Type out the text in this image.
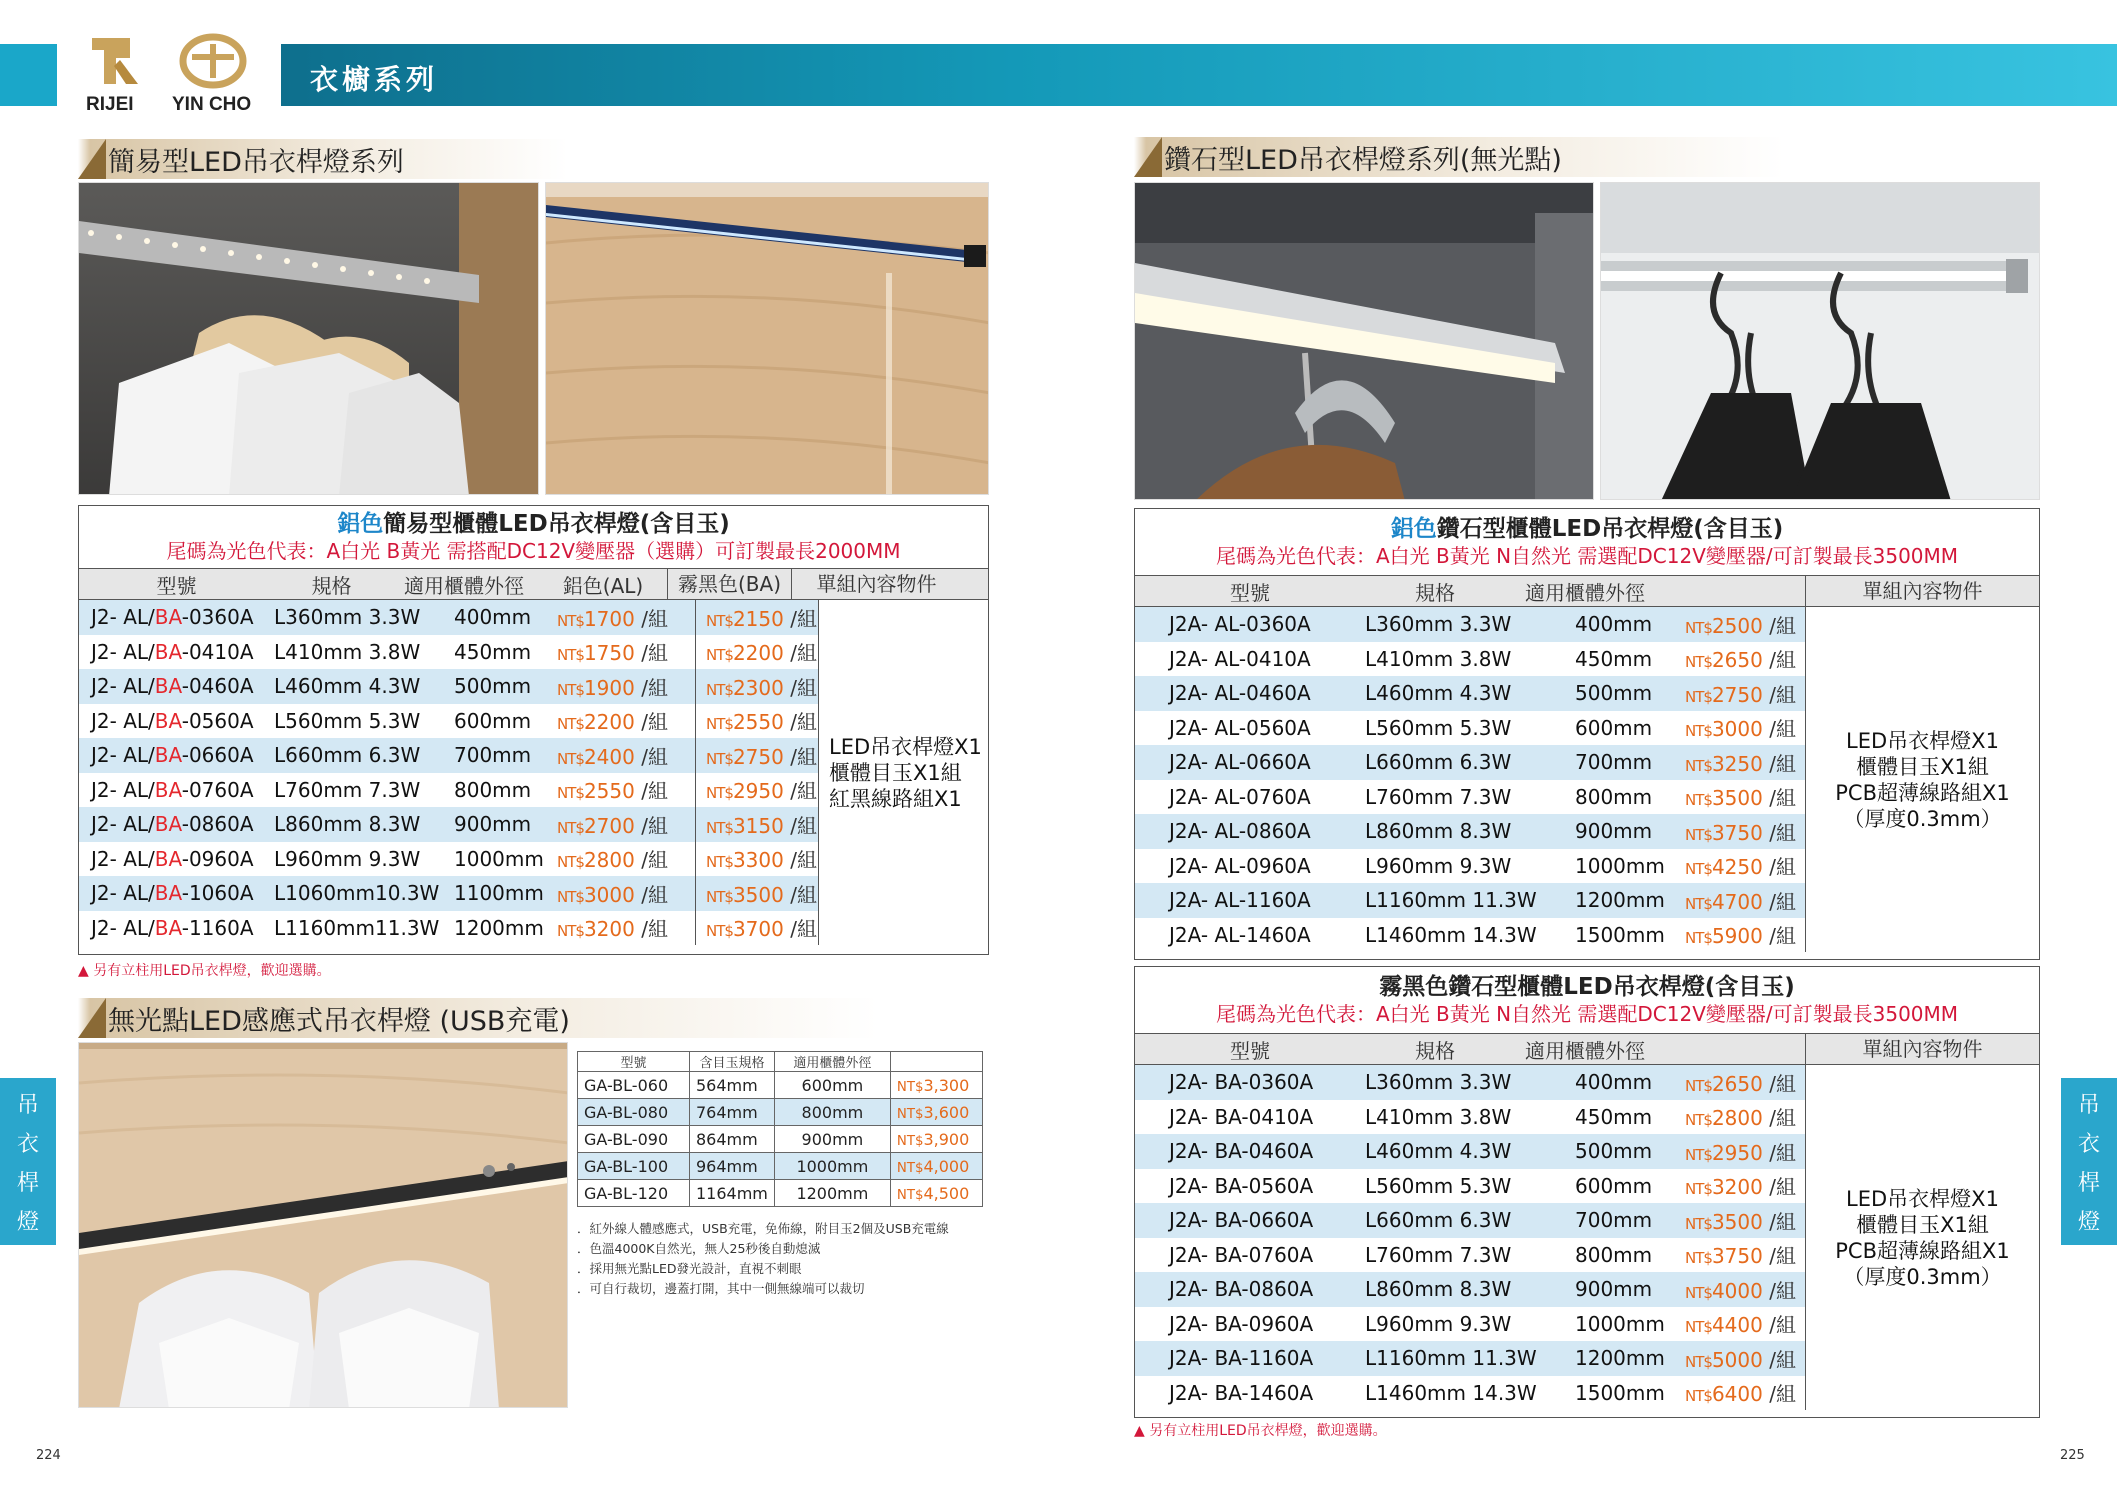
衣櫥系列
RIJEI YIN CHO
簡易型LED吊衣桿燈系列
鋁色簡易型櫃體LED吊衣桿燈(含目玉)
尾碼為光色代表：A白光 B黃光 需搭配DC12V變壓器（選購）可訂製最長2000MM
型號	規格	適用櫃體外徑	鋁色(AL)	霧黑色(BA)	單組內容物件
J2- AL/BA-0360A	L360mm 3.3W	400mm	NT$1700 /組	NT$2150 /組
J2- AL/BA-0410A	L410mm 3.8W	450mm	NT$1750 /組	NT$2200 /組
J2- AL/BA-0460A	L460mm 4.3W	500mm	NT$1900 /組	NT$2300 /組
J2- AL/BA-0560A	L560mm 5.3W	600mm	NT$2200 /組	NT$2550 /組
J2- AL/BA-0660A	L660mm 6.3W	700mm	NT$2400 /組	NT$2750 /組
J2- AL/BA-0760A	L760mm 7.3W	800mm	NT$2550 /組	NT$2950 /組
J2- AL/BA-0860A	L860mm 8.3W	900mm	NT$2700 /組	NT$3150 /組
J2- AL/BA-0960A	L960mm 9.3W	1000mm NT$2800 /組	NT$3300 /組
J2- AL/BA-1060A	L1060mm10.3W 1100mm NT$3000 /組	NT$3500 /組
J2- AL/BA-1160A	L1160mm11.3W 1200mm NT$3200 /組	NT$3700 /組
LED吊衣桿燈X1
櫃體目玉X1組
紅黑線路組X1
▲ 另有立柱用LED吊衣桿燈，歡迎選購。
無光點LED感應式吊衣桿燈 (USB充電)
型號	含目玉規格	適用櫃體外徑	
GA-BL-060	564mm	600mm	NT$3,300
GA-BL-080	764mm	800mm	NT$3,600
GA-BL-090	864mm	900mm	NT$3,900
GA-BL-100	964mm	1000mm	NT$4,000
GA-BL-120	1164mm	1200mm	NT$4,500
．紅外線人體感應式，USB充電，免佈線，附目玉2個及USB充電線
．色溫4000K自然光，無人25秒後自動熄滅
．採用無光點LED發光設計，直視不刺眼
．可自行裁切，邊蓋打開，其中一側無線端可以裁切
鑽石型LED吊衣桿燈系列(無光點)
鋁色鑽石型櫃體LED吊衣桿燈(含目玉)
尾碼為光色代表：A白光 B黃光 N自然光 需選配DC12V變壓器/可訂製最長3500MM
型號	規格	適用櫃體外徑	單組內容物件
J2A- AL-0360A	L360mm 3.3W	400mm	NT$2500 /組
J2A- AL-0410A	L410mm 3.8W	450mm	NT$2650 /組
J2A- AL-0460A	L460mm 4.3W	500mm	NT$2750 /組
J2A- AL-0560A	L560mm 5.3W	600mm	NT$3000 /組
J2A- AL-0660A	L660mm 6.3W	700mm	NT$3250 /組
J2A- AL-0760A	L760mm 7.3W	800mm	NT$3500 /組
J2A- AL-0860A	L860mm 8.3W	900mm	NT$3750 /組
J2A- AL-0960A	L960mm 9.3W	1000mm	NT$4250 /組
J2A- AL-1160A	L1160mm 11.3W	1200mm	NT$4700 /組
J2A- AL-1460A	L1460mm 14.3W	1500mm	NT$5900 /組
LED吊衣桿燈X1
櫃體目玉X1組
PCB超薄線路組X1
（厚度0.3mm）
霧黑色鑽石型櫃體LED吊衣桿燈(含目玉)
尾碼為光色代表：A白光 B黃光 N自然光 需選配DC12V變壓器/可訂製最長3500MM
型號	規格	適用櫃體外徑	單組內容物件
J2A- BA-0360A	L360mm 3.3W	400mm	NT$2650 /組
J2A- BA-0410A	L410mm 3.8W	450mm	NT$2800 /組
J2A- BA-0460A	L460mm 4.3W	500mm	NT$2950 /組
J2A- BA-0560A	L560mm 5.3W	600mm	NT$3200 /組
J2A- BA-0660A	L660mm 6.3W	700mm	NT$3500 /組
J2A- BA-0760A	L760mm 7.3W	800mm	NT$3750 /組
J2A- BA-0860A	L860mm 8.3W	900mm	NT$4000 /組
J2A- BA-0960A	L960mm 9.3W	1000mm	NT$4400 /組
J2A- BA-1160A	L1160mm 11.3W	1200mm	NT$5000 /組
J2A- BA-1460A	L1460mm 14.3W	1500mm	NT$6400 /組
LED吊衣桿燈X1
櫃體目玉X1組
PCB超薄線路組X1
（厚度0.3mm）
▲ 另有立柱用LED吊衣桿燈，歡迎選購。
吊
衣
桿
燈
吊
衣
桿
燈
224	225
